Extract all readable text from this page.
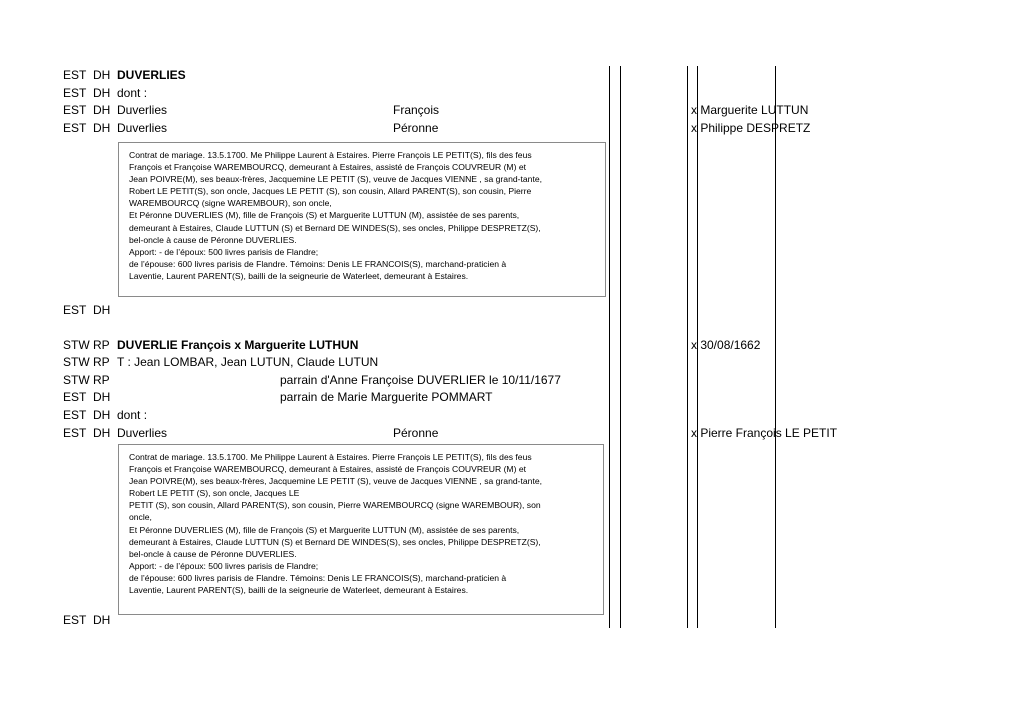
EST DH DUVERLIES
EST DH dont :
EST DH Duverlies	François	x Marguerite LUTTUN
EST DH Duverlies	Péronne	x Philippe DESPRETZ

Contrat de mariage. 13.5.1700. Me Philippe Laurent à Estaires. Pierre François LE PETIT(S), fils des feus

François et Françoise WAREMBOURCQ, demeurant à Estaires, assisté de François COUVREUR (M) et

Jean POIVRE(M), ses beaux-frères, Jacquemine LE PETIT (S), veuve de Jacques VIENNE , sa grand-tante,

Robert LE PETIT(S), son oncle, Jacques LE PETIT (S), son cousin, Allard PARENT(S), son cousin, Pierre

WAREMBOURCQ (signe WAREMBOUR), son oncle,

Et Péronne DUVERLIES (M), fille de François (S) et Marguerite LUTTUN (M), assistée de ses parents,

demeurant à Estaires, Claude LUTTUN (S) et Bernard DE WINDES(S), ses oncles, Philippe DESPRETZ(S),

bel-oncle à cause de Péronne DUVERLIES.

Apport: - de l’époux: 500 livres parisis de Flandre;

de l’épouse: 600 livres parisis de Flandre. Témoins: Denis LE FRANCOIS(S), marchand-praticien à

Laventie, Laurent PARENT(S), bailli de la seigneurie de Waterleet, demeurant à Estaires.

EST DH
STW RP DUVERLIE François x Marguerite LUTHUN	x 30/08/1662
STW RP T : Jean LOMBAR, Jean LUTUN, Claude LUTUN
STW RP	parrain d'Anne Françoise DUVERLIER le 10/11/1677
EST DH	parrain de Marie Marguerite POMMART
EST DH dont :
EST DH Duverlies	Péronne	x Pierre François LE PETIT

Contrat de mariage. 13.5.1700. Me Philippe Laurent à Estaires. Pierre François LE PETIT(S), fils des feus

François et Françoise WAREMBOURCQ, demeurant à Estaires, assisté de François COUVREUR (M) et

Jean POIVRE(M), ses beaux-frères, Jacquemine LE PETIT (S), veuve de Jacques VIENNE , sa grand-tante,

Robert LE PETIT (S), son oncle, Jacques LE

PETIT (S), son cousin, Allard PARENT(S), son cousin, Pierre WAREMBOURCQ (signe WAREMBOUR), son

oncle,

Et Péronne DUVERLIES (M), fille de François (S) et Marguerite LUTTUN (M), assistée de ses parents,

demeurant à Estaires, Claude LUTTUN (S) et Bernard DE WINDES(S), ses oncles, Philippe DESPRETZ(S),

bel-oncle à cause de Péronne DUVERLIES.

Apport: - de l’époux: 500 livres parisis de Flandre;

de l’épouse: 600 livres parisis de Flandre. Témoins: Denis LE FRANCOIS(S), marchand-praticien à

Laventie, Laurent PARENT(S), bailli de la seigneurie de Waterleet, demeurant à Estaires.

EST DH
